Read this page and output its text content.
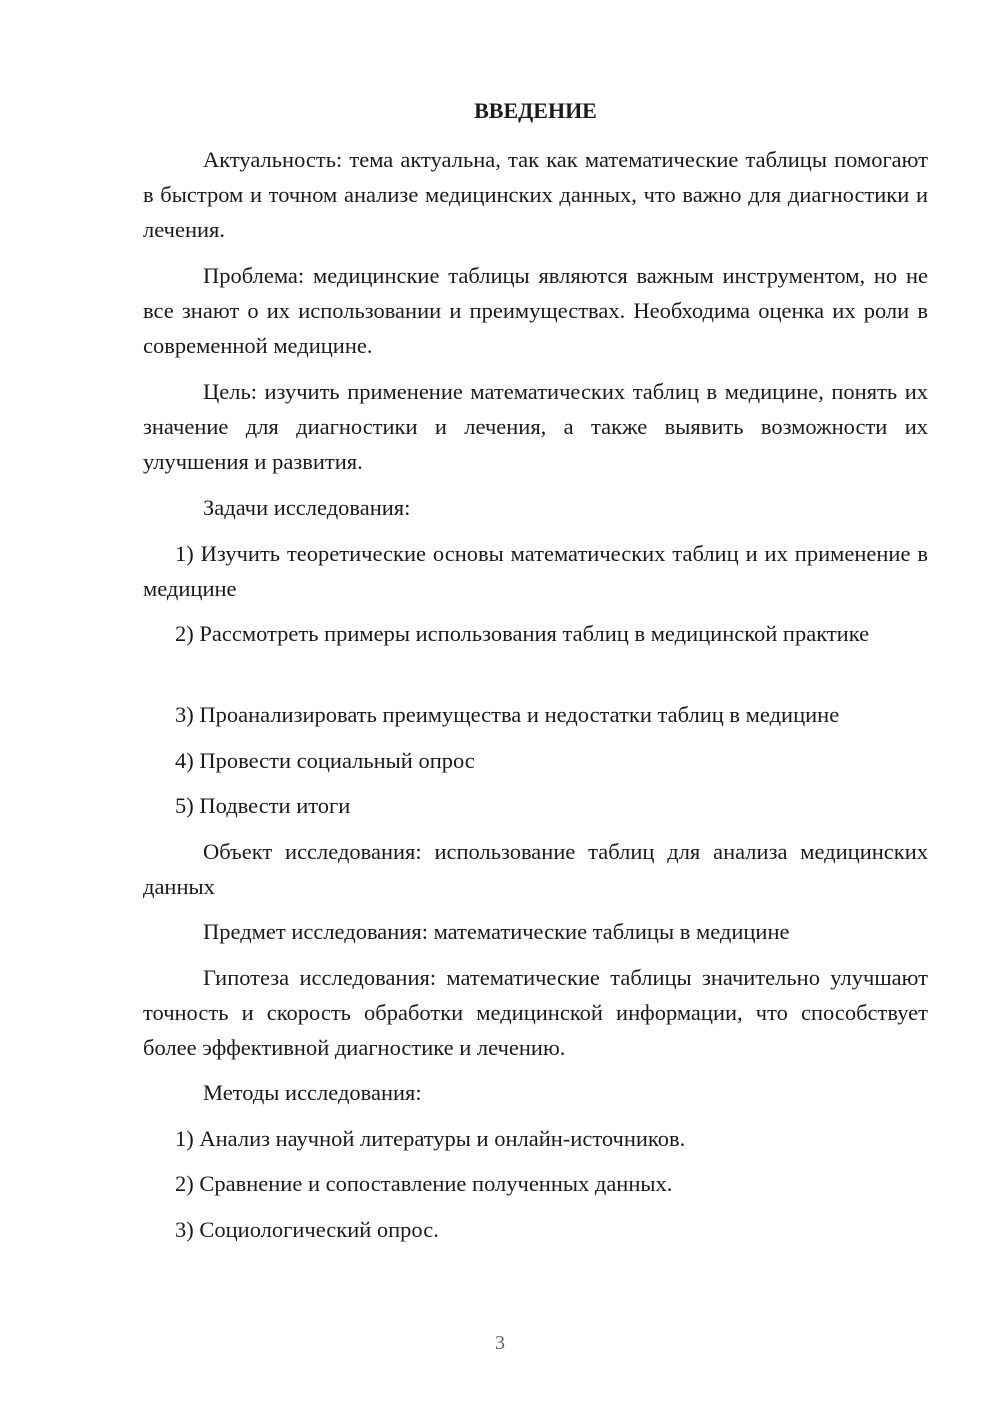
ВВЕДЕНИЕ
Актуальность: тема актуальна, так как математические таблицы помогают в быстром и точном анализе медицинских данных, что важно для диагностики и лечения.
Проблема: медицинские таблицы являются важным инструментом, но не все знают о их использовании и преимуществах. Необходима оценка их роли в современной медицине.
Цель: изучить применение математических таблиц в медицине, понять их значение для диагностики и лечения, а также выявить возможности их улучшения и развития.
Задачи исследования:
1) Изучить теоретические основы математических таблиц и их применение в медицине
2) Рассмотреть примеры использования таблиц в медицинской практике
3) Проанализировать преимущества и недостатки таблиц в медицине
4) Провести социальный опрос
5) Подвести итоги
Объект исследования: использование таблиц для анализа медицинских данных
Предмет исследования: математические таблицы в медицине
Гипотеза исследования: математические таблицы значительно улучшают точность и скорость обработки медицинской информации, что способствует более эффективной диагностике и лечению.
Методы исследования:
1) Анализ научной литературы и онлайн-источников.
2) Сравнение и сопоставление полученных данных.
3) Социологический опрос.
3
